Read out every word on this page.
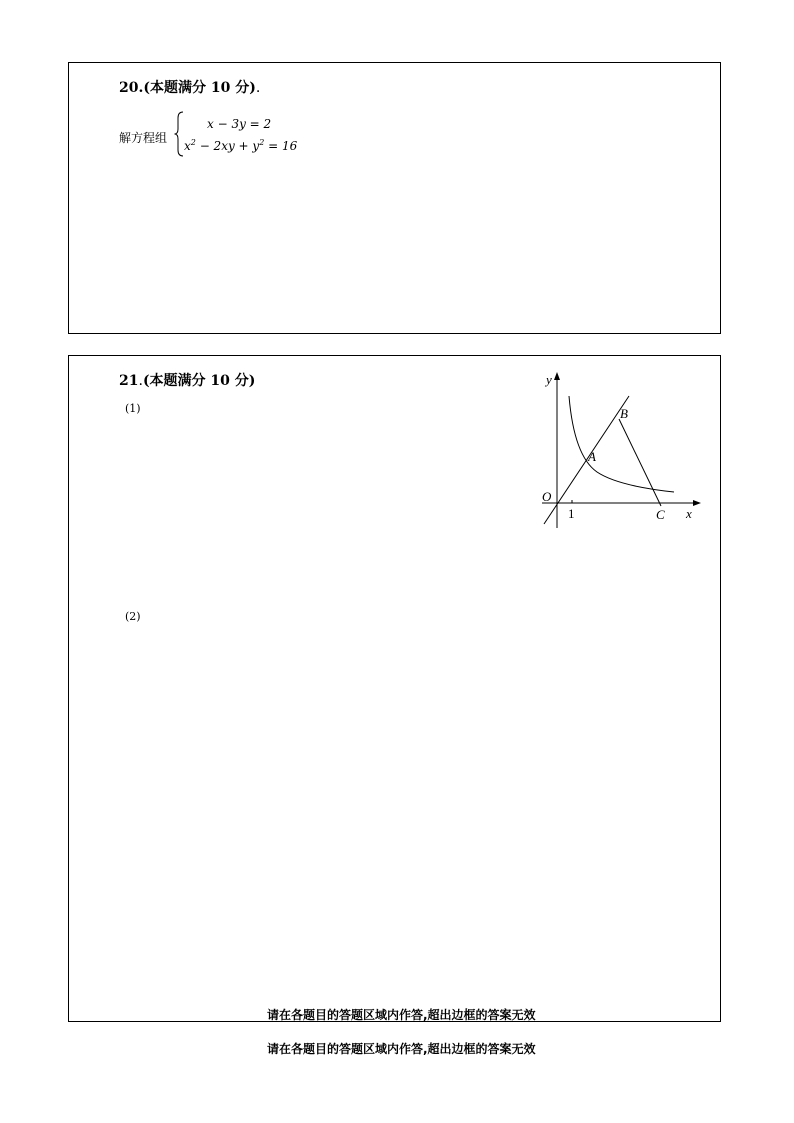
20.(本题满分 10 分).
解方程组
x − 3y = 2
$x^2 - 2xy + y^2 = 16$
21.(本题满分 10 分)
(1)
(2)
y
x
O
1
A
B
C
请在各题目的答题区域内作答,超出边框的答案无效
请在各题目的答题区域内作答,超出边框的答案无效
